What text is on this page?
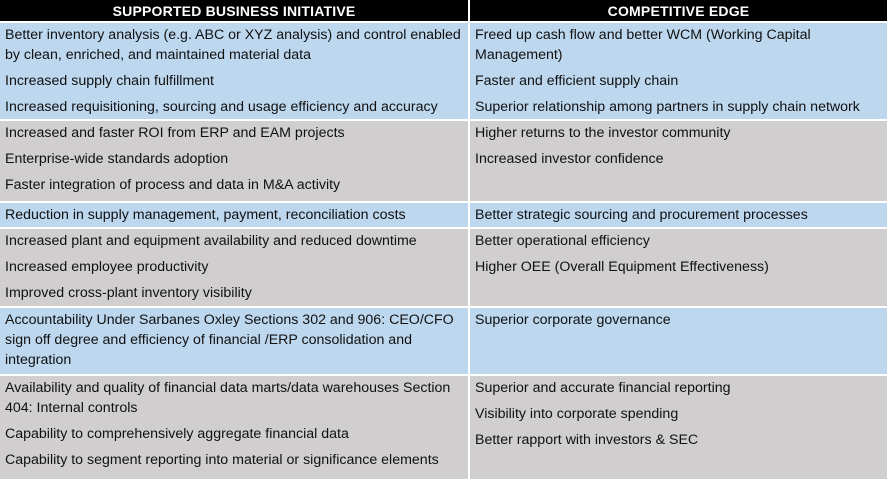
SUPPORTED BUSINESS INITIATIVE	COMPETITIVE EDGE
Better inventory analysis (e.g. ABC or XYZ analysis) and control enabled by clean, enriched, and maintained material data
Increased supply chain fulfillment
Increased requisitioning, sourcing and usage efficiency and accuracy
Freed up cash flow and better WCM (Working Capital Management)
Faster and efficient supply chain
Superior relationship among partners in supply chain network
Increased and faster ROI from ERP and EAM projects
Enterprise-wide standards adoption
Faster integration of process and data in M&A activity
Higher returns to the investor community
Increased investor confidence
Reduction in supply management, payment, reconciliation costs	Better strategic sourcing and procurement processes
Increased plant and equipment availability and reduced downtime
Increased employee productivity
Improved cross-plant inventory visibility
Better operational efficiency
Higher OEE (Overall Equipment Effectiveness)
Accountability Under Sarbanes Oxley Sections 302 and 906: CEO/CFO sign off degree and efficiency of financial /ERP consolidation and integration
Superior corporate governance
Availability and quality of financial data marts/data warehouses Section 404: Internal controls
Capability to comprehensively aggregate financial data
Capability to segment reporting into material or significance elements
Superior and accurate financial reporting
Visibility into corporate spending
Better rapport with investors & SEC
